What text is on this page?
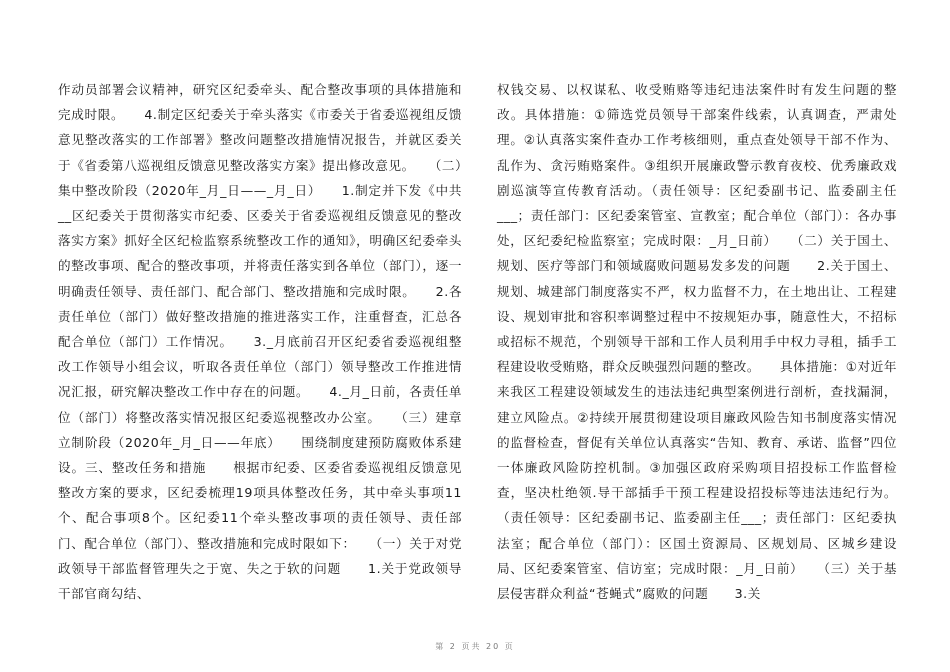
作动员部署会议精神，研究区纪委牵头、配合整改事项的具体措施和完成时限。　　4.制定区纪委关于牵头落实《市委关于省委巡视组反馈意见整改落实的工作部署》整改问题整改措施情况报告，并就区委关于《省委第八巡视组反馈意见整改落实方案》提出修改意见。　　（二）集中整改阶段（2020年_月_日——_月_日）　　1.制定并下发《中共__区纪委关于贯彻落实市纪委、区委关于省委巡视组反馈意见的整改落实方案》抓好全区纪检监察系统整改工作的通知》，明确区纪委牵头的整改事项、配合的整改事项，并将责任落实到各单位（部门），逐一明确责任领导、责任部门、配合部门、整改措施和完成时限。　　2.各责任单位（部门）做好整改措施的推进落实工作，注重督查，汇总各配合单位（部门）工作情况。　　3._月底前召开区纪委省委巡视组整改工作领导小组会议，听取各责任单位（部门）领导整改工作推进情况汇报，研究解决整改工作中存在的问题。　　4._月_日前，各责任单位（部门）将整改落实情况报区纪委巡视整改办公室。　　（三）建章立制阶段（2020年_月_日——年底）　　围绕制度建预防腐败体系建设。三、整改任务和措施　　根据市纪委、区委省委巡视组反馈意见整改方案的要求，区纪委梳理19项具体整改任务，其中牵头事项11个、配合事项8个。区纪委11个牵头整改事项的责任领导、责任部门、配合单位（部门）、整改措施和完成时限如下：　　（一）关于对党政领导干部监督管理失之于宽、失之于软的问题　　1.关于党政领导干部官商勾结、

权钱交易、以权谋私、收受贿赂等违纪违法案件时有发生问题的整改。具体措施：①筛选党员领导干部案件线索，认真调查，严肃处理。②认真落实案件查办工作考核细则，重点查处领导干部不作为、乱作为、贪污贿赂案件。③组织开展廉政警示教育夜校、优秀廉政戏剧巡演等宣传教育活动。（责任领导：区纪委副书记、监委副主任___；责任部门：区纪委案管室、宣教室；配合单位（部门）：各办事处，区纪委纪检监察室；完成时限：_月_日前）　　（二）关于国土、规划、医疗等部门和领域腐败问题易发多发的问题　　2.关于国土、规划、城建部门制度落实不严，权力监督不力，在土地出让、工程建设、规划审批和容积率调整过程中不按规矩办事，随意性大，不招标或招标不规范，个别领导干部和工作人员利用手中权力寻租，插手工程建设收受贿赂，群众反映强烈问题的整改。　　具体措施：①对近年来我区工程建设领域发生的违法违纪典型案例进行剖析，查找漏洞，建立风险点。②持续开展贯彻建设项目廉政风险告知书制度落实情况的监督检查，督促有关单位认真落实“告知、教育、承诺、监督”四位一体廉政风险防控机制。③加强区政府采购项目招投标工作监督检查，坚决杜绝领.导干部插手干预工程建设招投标等违法违纪行为。（责任领导：区纪委副书记、监委副主任___；责任部门：区纪委执法室；配合单位（部门）：区国土资源局、区规划局、区城乡建设局、区纪委案管室、信访室；完成时限：_月_日前）　　（三）关于基层侵害群众利益“苍蝇式”腐败的问题　　3.关

第 2 页共 20 页
